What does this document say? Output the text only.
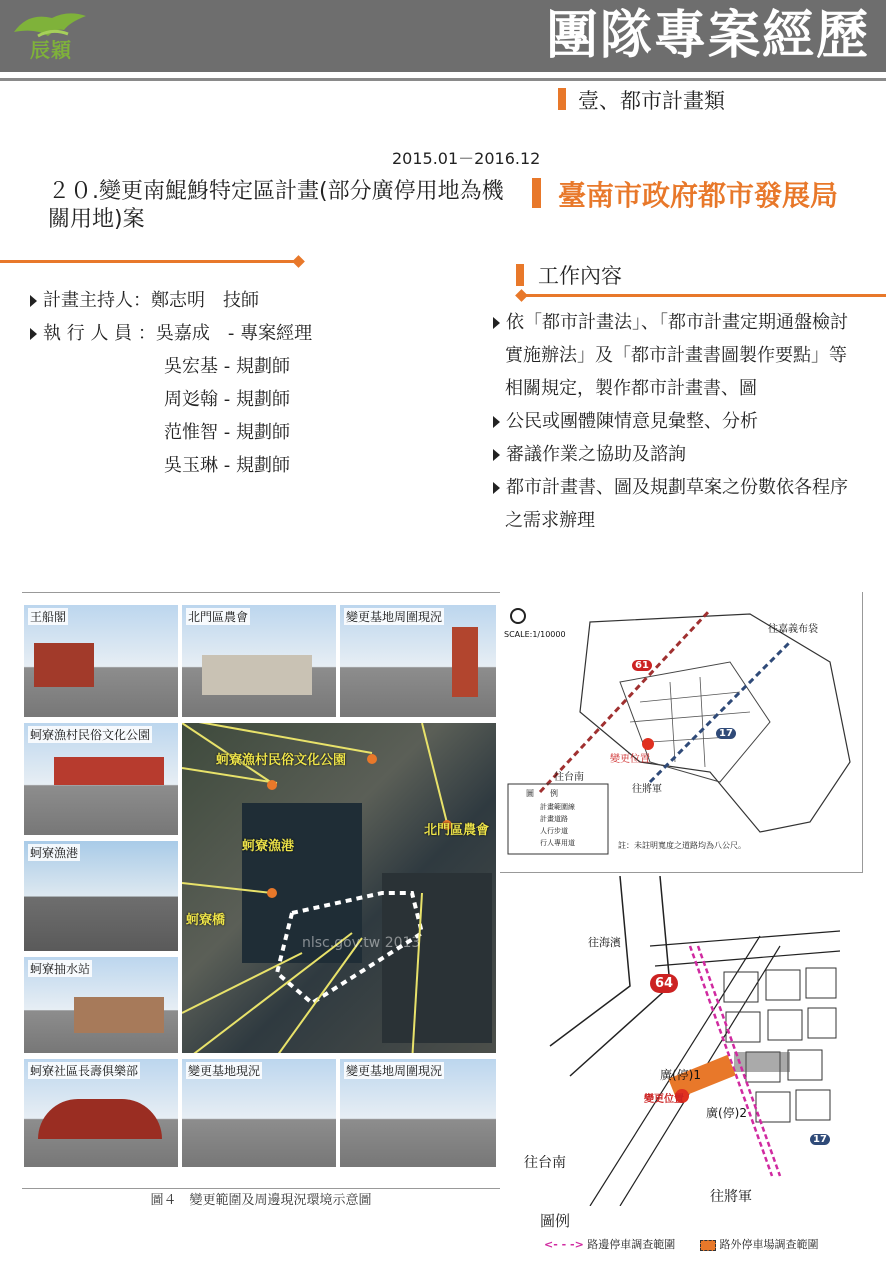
辰穎	團隊專案經歷
壹、都市計畫類
2015.01－2016.12
２０.變更南鯤鯓特定區計畫(部分廣停用地為機關用地)案
臺南市政府都市發展局
工作內容
計畫主持人：鄭志明　技師
執 行 人 員 ：吳嘉成　- 專案經理
吳宏基 - 規劃師
周彣翰 - 規劃師
范惟智 - 規劃師
吳玉琳 - 規劃師
依「都市計畫法」、「都市計畫定期通盤檢討實施辦法」及「都市計畫書圖製作要點」等相關規定，製作都市計畫書、圖
公民或團體陳情意見彙整、分析
審議作業之協助及諮詢
都市計畫書、圖及規劃草案之份數依各程序之需求辦理
王船閣	北門區農會	變更基地周圍現況
蚵寮漁村民俗文化公園
蚵寮漁港
蚵寮抽水站
蚵寮社區長壽俱樂部	變更基地現況	變更基地周圍現況
蚵寮漁村民俗文化公園
北門區農會
蚵寮漁港
蚵寮橋
nlsc.gov.tw 2013
圖４　變更範圍及周邊現況環境示意圖
SCALE:1/10000
61
17
往台南
往將軍
往嘉義布袋
變更位置
圖　　例
計畫範圍線
計畫道路
人行步道
行人專用道	註：未註明寬度之道路均為八公尺。
往海濱
64
17
往台南
往將軍
廣(停)1
廣(停)2
變更位置
圖例
<- - -> 路邊停車調查範圍	路外停車場調查範圍
